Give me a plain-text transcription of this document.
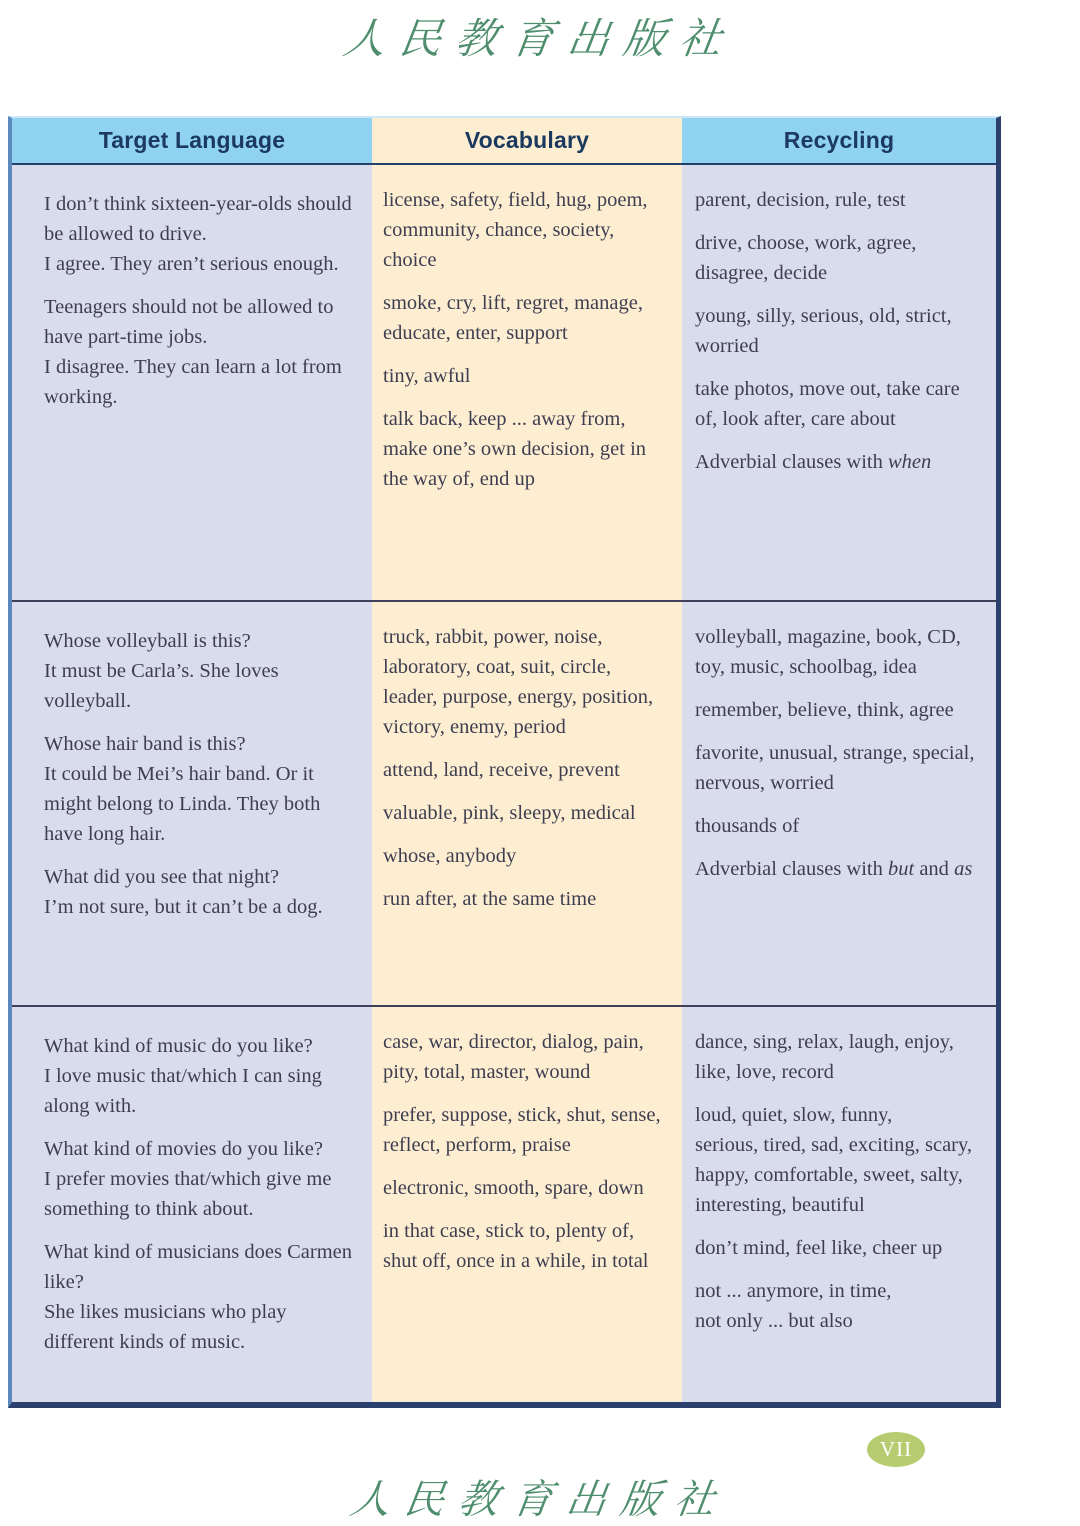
人民教育出版社
Target Language	Vocabulary	Recycling
I don’t think sixteen-year-olds should be allowed to drive.
I agree. They aren’t serious enough.
Teenagers should not be allowed to have part-time jobs.
I disagree. They can learn a lot from working.
license, safety, field, hug, poem, community, chance, society, choice
smoke, cry, lift, regret, manage, educate, enter, support
tiny, awful
talk back, keep ... away from, make one’s own decision, get in the way of, end up
parent, decision, rule, test
drive, choose, work, agree, disagree, decide
young, silly, serious, old, strict, worried
take photos, move out, take care of, look after, care about
Adverbial clauses with when
Whose volleyball is this?
It must be Carla’s. She loves volleyball.
Whose hair band is this?
It could be Mei’s hair band. Or it might belong to Linda. They both have long hair.
What did you see that night?
I’m not sure, but it can’t be a dog.
truck, rabbit, power, noise, laboratory, coat, suit, circle, leader, purpose, energy, position, victory, enemy, period
attend, land, receive, prevent
valuable, pink, sleepy, medical
whose, anybody
run after, at the same time
volleyball, magazine, book, CD, toy, music, schoolbag, idea
remember, believe, think, agree
favorite, unusual, strange, special, nervous, worried
thousands of
Adverbial clauses with but and as
What kind of music do you like?
I love music that/which I can sing along with.
What kind of movies do you like?
I prefer movies that/which give me something to think about.
What kind of musicians does Carmen like?
She likes musicians who play different kinds of music.
case, war, director, dialog, pain, pity, total, master, wound
prefer, suppose, stick, shut, sense, reflect, perform, praise
electronic, smooth, spare, down
in that case, stick to, plenty of, shut off, once in a while, in total
dance, sing, relax, laugh, enjoy, like, love, record
loud, quiet, slow, funny,
serious, tired, sad, exciting, scary, happy, comfortable, sweet, salty, interesting, beautiful
don’t mind, feel like, cheer up
not ... anymore, in time,
not only ... but also
VII
人民教育出版社
